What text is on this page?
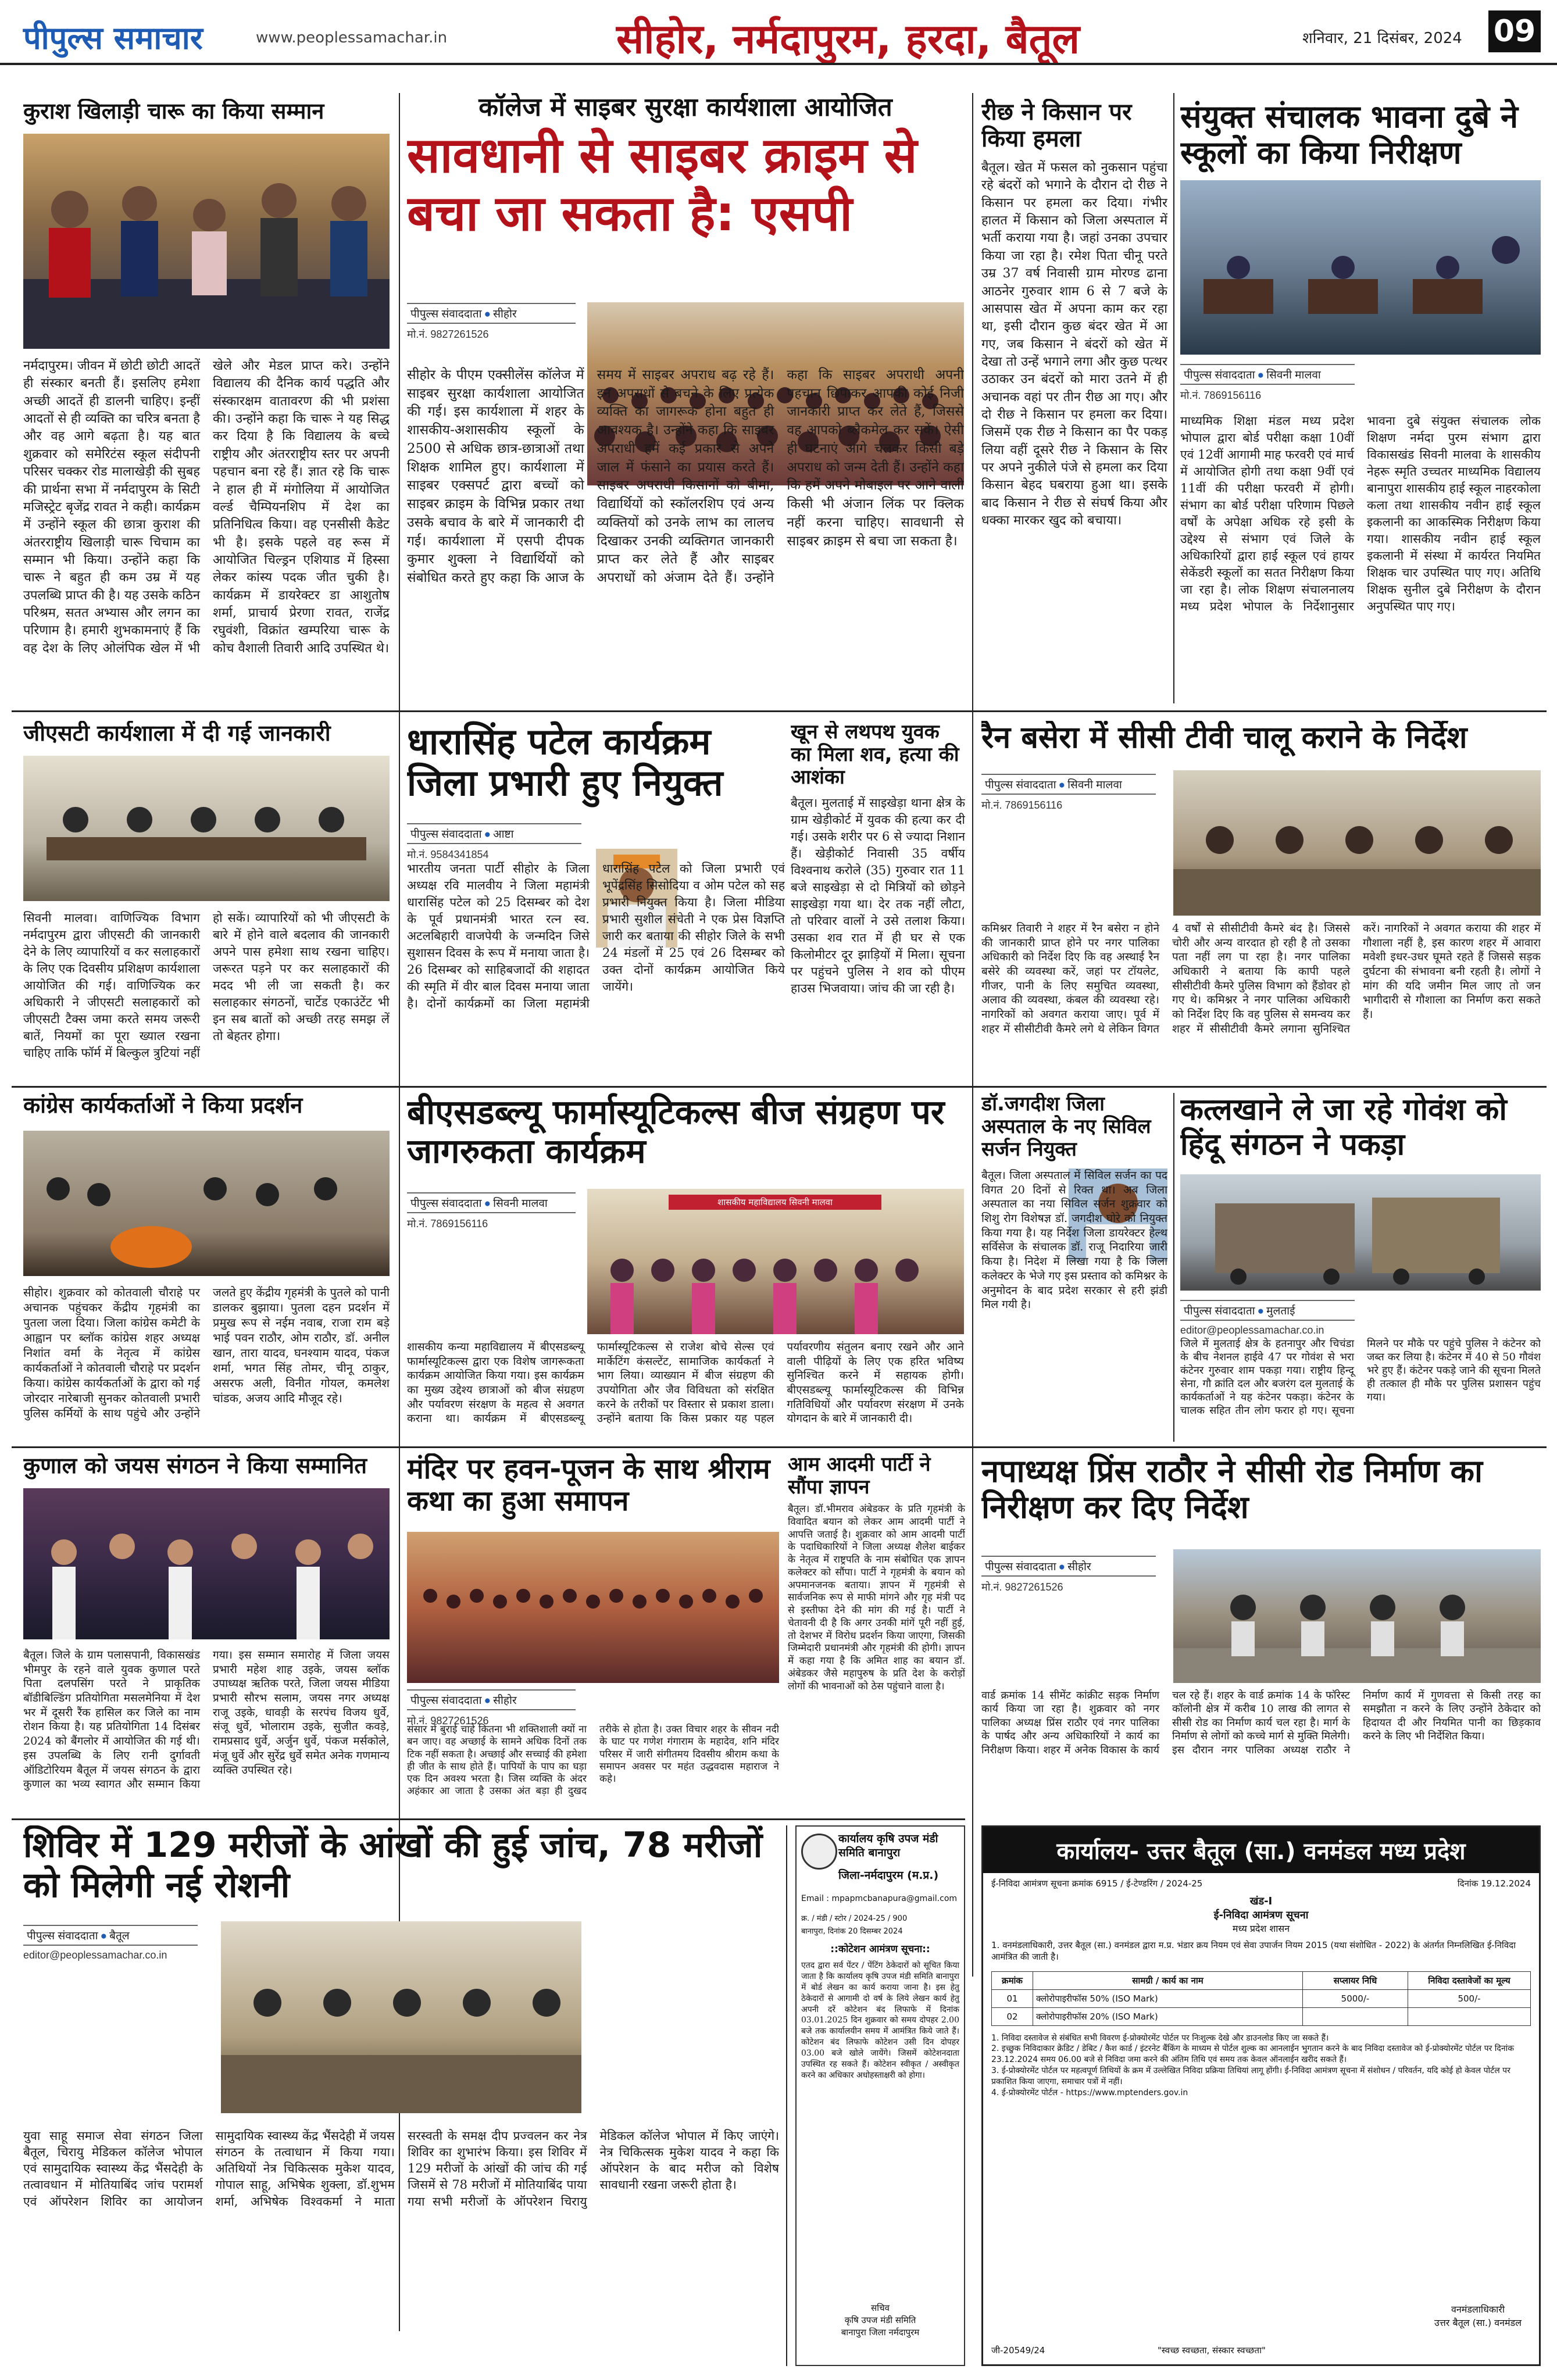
पीपुल्स समाचार	www.peoplessamachar.in	सीहोर, नर्मदापुरम, हरदा, बैतूल	शनिवार, 21 दिसंबर, 2024 09
कुराश खिलाड़ी चारू का किया सम्मान
नर्मदापुरम। जीवन में छोटी छोटी आदतें ही संस्कार बनती हैं। इसलिए हमेशा अच्छी आदतें ही डालनी चाहिए। इन्हीं आदतों से ही व्यक्ति का चरित्र बनता है और वह आगे बढ़ता है। यह बात शुक्रवार को समेरिटंस स्कूल संदीपनी परिसर चक्कर रोड मालाखेड़ी की सुबह की प्रार्थना सभा में नर्मदापुरम के सिटी मजिस्ट्रेट बृजेंद्र रावत ने कही। कार्यक्रम में उन्होंने स्कूल की छात्रा कुराश की अंतरराष्ट्रीय खिलाड़ी चारू चिचाम का सम्मान भी किया। उन्होंने कहा कि चारू ने बहुत ही कम उम्र में यह उपलब्धि प्राप्त की है। यह उसके कठिन परिश्रम, सतत अभ्यास और लगन का परिणाम है। हमारी शुभकामनाएं हैं कि वह देश के लिए ओलंपिक खेल में भी खेले और मेडल प्राप्त करे। उन्होंने विद्यालय की दैनिक कार्य पद्धति और संस्कारक्षम वातावरण की भी प्रशंसा की। उन्होंने कहा कि चारू ने यह सिद्ध कर दिया है कि विद्यालय के बच्चे राष्ट्रीय और अंतरराष्ट्रीय स्तर पर अपनी पहचान बना रहे हैं। ज्ञात रहे कि चारू ने हाल ही में मंगोलिया में आयोजित वर्ल्ड चैम्पियनशिप में देश का प्रतिनिधित्व किया। वह एनसीसी कैडेट भी है। इसके पहले वह रूस में आयोजित चिल्ड्रन एशियाड में हिस्सा लेकर कांस्य पदक जीत चुकी है। कार्यक्रम में डायरेक्टर डा आशुतोष शर्मा, प्राचार्य प्रेरणा रावत, राजेंद्र रघुवंशी, विक्रांत खम्परिया चारू के कोच वैशाली तिवारी आदि उपस्थित थे।
कॉलेज में साइबर सुरक्षा कार्यशाला आयोजित
सावधानी से साइबर क्राइम से बचा जा सकता है: एसपी
पीपुल्स संवाददाता ● सीहोर
मो.नं. 9827261526
सीहोर के पीएम एक्सीलेंस कॉलेज में साइबर सुरक्षा कार्यशाला आयोजित की गई। इस कार्यशाला में शहर के शासकीय-अशासकीय स्कूलों के 2500 से अधिक छात्र-छात्राओं तथा शिक्षक शामिल हुए। कार्यशाला में साइबर एक्सपर्ट द्वारा बच्चों को साइबर क्राइम के विभिन्न प्रकार तथा उसके बचाव के बारे में जानकारी दी गई। कार्यशाला में एसपी दीपक कुमार शुक्ला ने विद्यार्थियों को संबोधित करते हुए कहा कि आज के समय में साइबर अपराध बढ़ रहे हैं। इन अपराधों से बचने के लिए प्रत्येक व्यक्ति का जागरूक होना बहुत ही आवश्यक है। उन्होंने कहा कि साइबर अपराधी हमें कई प्रकार से अपने जाल में फंसाने का प्रयास करते हैं। साइबर अपराधी किसानों को बीमा, विद्यार्थियों को स्कॉलरशिप एवं अन्य व्यक्तियों को उनके लाभ का लालच दिखाकर उनकी व्यक्तिगत जानकारी प्राप्त कर लेते हैं और साइबर अपराधों को अंजाम देते हैं। उन्होंने कहा कि साइबर अपराधी अपनी पहचान छिपाकर आपकी कोई निजी जानकारी प्राप्त कर लेते हैं, जिससे वह आपको ब्लैकमेल कर सकें। ऐसी ही घटनाएं आगे चलकर किसी बड़े अपराध को जन्म देती हैं। उन्होंने कहा कि हमें अपने मोबाइल पर आने वाली किसी भी अंजान लिंक पर क्लिक नहीं करना चाहिए। सावधानी से साइबर क्राइम से बचा जा सकता है।
रीछ ने किसान पर किया हमला
बैतूल। खेत में फसल को नुकसान पहुंचा रहे बंदरों को भगाने के दौरान दो रीछ ने किसान पर हमला कर दिया। गंभीर हालत में किसान को जिला अस्पताल में भर्ती कराया गया है। जहां उनका उपचार किया जा रहा है। रमेश पिता चीनू परते उम्र 37 वर्ष निवासी ग्राम मोरण्ड ढाना आठनेर गुरुवार शाम 6 से 7 बजे के आसपास खेत में अपना काम कर रहा था, इसी दौरान कुछ बंदर खेत में आ गए, जब किसान ने बंदरों को खेत में देखा तो उन्हें भगाने लगा और कुछ पत्थर उठाकर उन बंदरों को मारा उतने में ही अचानक वहां पर तीन रीछ आ गए। और दो रीछ ने किसान पर हमला कर दिया। जिसमें एक रीछ ने किसान का पैर पकड़ लिया वहीं दूसरे रीछ ने किसान के सिर पर अपने नुकीले पंजे से हमला कर दिया किसान बेहद घबराया हुआ था। इसके बाद किसान ने रीछ से संघर्ष किया और धक्का मारकर खुद को बचाया।
संयुक्त संचालक भावना दुबे ने स्कूलों का किया निरीक्षण
पीपुल्स संवाददाता ● सिवनी मालवा
मो.नं. 7869156116
माध्यमिक शिक्षा मंडल मध्य प्रदेश भोपाल द्वारा बोर्ड परीक्षा कक्षा 10वीं एवं 12वीं आगामी माह फरवरी एवं मार्च में आयोजित होगी तथा कक्षा 9वीं एवं 11वीं की परीक्षा फरवरी में होगी। संभाग का बोर्ड परीक्षा परिणाम पिछले वर्षों के अपेक्षा अधिक रहे इसी के उद्देश्य से संभाग एवं जिले के अधिकारियों द्वारा हाई स्कूल एवं हायर सेकेंडरी स्कूलों का सतत निरीक्षण किया जा रहा है। लोक शिक्षण संचालनालय मध्य प्रदेश भोपाल के निर्देशानुसार भावना दुबे संयुक्त संचालक लोक शिक्षण नर्मदा पुरम संभाग द्वारा विकासखंड सिवनी मालवा के शासकीय नेहरू स्मृति उच्चतर माध्यमिक विद्यालय बानापुरा शासकीय हाई स्कूल नाहरकोला कला तथा शासकीय नवीन हाई स्कूल इकलानी का आकस्मिक निरीक्षण किया गया। शासकीय नवीन हाई स्कूल इकलानी में संस्था में कार्यरत नियमित शिक्षक चार उपस्थित पाए गए। अतिथि शिक्षक सुनील दुबे निरीक्षण के दौरान अनुपस्थित पाए गए।
जीएसटी कार्यशाला में दी गई जानकारी
सिवनी मालवा। वाणिज्यिक विभाग नर्मदापुरम द्वारा जीएसटी की जानकारी देने के लिए व्यापारियों व कर सलाहकारों के लिए एक दिवसीय प्रशिक्षण कार्यशाला आयोजित की गई। वाणिज्यिक कर अधिकारी ने जीएसटी सलाहकारों को जीएसटी टैक्स जमा करते समय जरूरी बातें, नियमों का पूरा ख्याल रखना चाहिए ताकि फॉर्म में बिल्कुल त्रुटियां नहीं हो सकें। व्यापारियों को भी जीएसटी के बारे में होने वाले बदलाव की जानकारी अपने पास हमेशा साथ रखना चाहिए। जरूरत पड़ने पर कर सलाहकारों की मदद भी ली जा सकती है। कर सलाहकार संगठनों, चार्टेड एकाउंटेंट भी इन सब बातों को अच्छी तरह समझ लें तो बेहतर होगा।
धारासिंह पटेल कार्यक्रम जिला प्रभारी हुए नियुक्त
पीपुल्स संवाददाता ● आष्टा
मो.नं. 9584341854
भारतीय जनता पार्टी सीहोर के जिला अध्यक्ष रवि मालवीय ने जिला महामंत्री धारासिंह पटेल को 25 दिसम्बर को देश के पूर्व प्रधानमंत्री भारत रत्न स्व. अटलबिहारी वाजपेयी के जन्मदिन जिसे सुशासन दिवस के रूप में मनाया जाता है। 26 दिसम्बर को साहिबजादों की शहादत की स्मृति में वीर बाल दिवस मनाया जाता है। दोनों कार्यक्रमों का जिला महामंत्री धारासिंह पटेल को जिला प्रभारी एवं भूपेंद्रसिंह सिसोदिया व ओम पटेल को सह प्रभारी नियुक्त किया है। जिला मीडिया प्रभारी सुशील संचेती ने एक प्रेस विज्ञप्ति जारी कर बताया की सीहोर जिले के सभी 24 मंडलों में 25 एवं 26 दिसम्बर को उक्त दोनों कार्यक्रम आयोजित किये जायेंगे।
खून से लथपथ युवक का मिला शव, हत्या की आशंका
बैतूल। मुलताई में साइखेड़ा थाना क्षेत्र के ग्राम खेड़ीकोर्ट में युवक की हत्या कर दी गई। उसके शरीर पर 6 से ज्यादा निशान हैं। खेड़ीकोर्ट निवासी 35 वर्षीय विश्वनाथ करोले (35) गुरुवार रात 11 बजे साइखेड़ा से दो मित्रियों को छोड़ने साइखेड़ा गया था। देर तक नहीं लौटा, तो परिवार वालों ने उसे तलाश किया। उसका शव रात में ही घर से एक किलोमीटर दूर झाड़ियों में मिला। सूचना पर पहुंचने पुलिस ने शव को पीएम हाउस भिजवाया। जांच की जा रही है।
रैन बसेरा में सीसी टीवी चालू कराने के निर्देश
पीपुल्स संवाददाता ● सिवनी मालवा
मो.नं. 7869156116
कमिश्नर तिवारी ने शहर में रैन बसेरा न होने की जानकारी प्राप्त होने पर नगर पालिका अधिकारी को निर्देश दिए कि वह अस्थाई रैन बसेरे की व्यवस्था करें, जहां पर टॉयलेट, गीजर, पानी के लिए समुचित व्यवस्था, अलाव की व्यवस्था, कंबल की व्यवस्था रहे। नागरिकों को अवगत कराया जाए। पूर्व में शहर में सीसीटीवी कैमरे लगे थे लेकिन विगत 4 वर्षों से सीसीटीवी कैमरे बंद है। जिससे चोरी और अन्य वारदात हो रही है तो उसका पता नहीं लग पा रहा है। नगर पालिका अधिकारी ने बताया कि कापी पहले सीसीटीवी कैमरे पुलिस विभाग को हैंडोवर हो गए थे। कमिश्नर ने नगर पालिका अधिकारी को निर्देश दिए कि वह पुलिस से समन्वय कर शहर में सीसीटीवी कैमरे लगाना सुनिश्चित करें। नागरिकों ने अवगत कराया की शहर में गौशाला नहीं है, इस कारण शहर में आवारा मवेशी इधर-उधर घूमते रहते हैं जिससे सड़क दुर्घटना की संभावना बनी रहती है। लोगों ने मांग की यदि जमीन मिल जाए तो जन भागीदारी से गौशाला का निर्माण करा सकते हैं।
कांग्रेस कार्यकर्ताओं ने किया प्रदर्शन
सीहोर। शुक्रवार को कोतवाली चौराहे पर अचानक पहुंचकर केंद्रीय गृहमंत्री का पुतला जला दिया। जिला कांग्रेस कमेटी के आह्वान पर ब्लॉक कांग्रेस शहर अध्यक्ष निशांत वर्मा के नेतृत्व में कांग्रेस कार्यकर्ताओं ने कोतवाली चौराहे पर प्रदर्शन किया। कांग्रेस कार्यकर्ताओं के द्वारा को गई जोरदार नारेबाजी सुनकर कोतवाली प्रभारी पुलिस कर्मियों के साथ पहुंचे और उन्होंने जलते हुए केंद्रीय गृहमंत्री के पुतले को पानी डालकर बुझाया। पुतला दहन प्रदर्शन में प्रमुख रूप से नईम नवाब, राजा राम बड़े भाई पवन राठौर, ओम राठौर, डॉ. अनील खान, तारा यादव, घनश्याम यादव, पंकज शर्मा, भगत सिंह तोमर, चीनू ठाकुर, असरफ अली, विनीत गोयल, कमलेश चांडक, अजय आदि मौजूद रहे।
बीएसडब्ल्यू फार्मास्यूटिकल्स बीज संग्रहण पर जागरुकता कार्यक्रम
पीपुल्स संवाददाता ● सिवनी मालवा
मो.नं. 7869156116
शासकीय महाविद्यालय सिवनी मालवा
शासकीय कन्या महाविद्यालय में बीएसडब्ल्यू फार्मास्यूटिकल्स द्वारा एक विशेष जागरूकता कार्यक्रम आयोजित किया गया। इस कार्यक्रम का मुख्य उद्देश्य छात्राओं को बीज संग्रहण और पर्यावरण संरक्षण के महत्व से अवगत कराना था। कार्यक्रम में बीएसडब्ल्यू फार्मास्यूटिकल्स से राजेश बोचे सेल्स एवं मार्केटिंग कंसल्टेंट, सामाजिक कार्यकर्ता ने भाग लिया। व्याख्यान में बीज संग्रहण की उपयोगिता और जैव विविधता को संरक्षित करने के तरीकों पर विस्तार से प्रकाश डाला। उन्होंने बताया कि किस प्रकार यह पहल पर्यावरणीय संतुलन बनाए रखने और आने वाली पीढ़ियों के लिए एक हरित भविष्य सुनिश्चित करने में सहायक होगी। बीएसडब्ल्यू फार्मास्यूटिकल्स की विभिन्न गतिविधियों और पर्यावरण संरक्षण में उनके योगदान के बारे में जानकारी दी।
डॉ.जगदीश जिला अस्पताल के नए सिविल सर्जन नियुक्त
बैतूल। जिला अस्पताल में सिविल सर्जन का पद विगत 20 दिनों से रिक्त था। अब जिला अस्पताल का नया सिविल सर्जन शुक्रवार को शिशु रोग विशेषज्ञ डॉ. जगदीश घोरे को नियुक्त किया गया है। यह निर्देश जिला डायरेक्टर हेल्थ सर्विसेज के संचालक डॉ. राजू निदारिया जारी किया है। निदेश में लिखा गया है कि जिला कलेक्टर के भेजे गए इस प्रस्ताव को कमिश्नर के अनुमोदन के बाद प्रदेश सरकार से हरी झंडी मिल गयी है।
कत्लखाने ले जा रहे गोवंश को हिंदू संगठन ने पकड़ा
पीपुल्स संवाददाता ● मुलताई
editor@peoplessamachar.co.in
जिले में मुलताई क्षेत्र के हतनापुर और चिचंडा के बीच नेशनल हाईवे 47 पर गोवंश से भरा कंटेनर गुरुवार शाम पकड़ा गया। राष्ट्रीय हिन्दू सेना, गौ क्रांति दल और बजरंग दल मुलताई के कार्यकर्ताओं ने यह कंटेनर पकड़ा। कंटेनर के चालक सहित तीन लोग फरार हो गए। सूचना मिलने पर मौके पर पहुंचे पुलिस ने कंटेनर को जब्त कर लिया है। कंटेनर में 40 से 50 गौवंश भरे हुए हैं। कंटेनर पकड़े जाने की सूचना मिलते ही तत्काल ही मौके पर पुलिस प्रशासन पहुंच गया।
कुणाल को जयस संगठन ने किया सम्मानित
बैतूल। जिले के ग्राम पलासपानी, विकासखंड भीमपुर के रहने वाले युवक कुणाल परते पिता दलपसिंग परते ने प्राकृतिक बॉडीबिल्डिंग प्रतियोगिता मसलमेनिया में देश भर में दूसरी रैंक हासिल कर जिले का नाम रोशन किया है। यह प्रतियोगिता 14 दिसंबर 2024 को बैंगलोर में आयोजित की गई थी। इस उपलब्धि के लिए रानी दुर्गावती ऑडिटोरियम बैतूल में जयस संगठन के द्वारा कुणाल का भव्य स्वागत और सम्मान किया गया। इस सम्मान समारोह में जिला जयस प्रभारी महेश शाह उइके, जयस ब्लॉक उपाध्यक्ष ऋतिक परते, जिला जयस मीडिया प्रभारी सौरभ सलाम, जयस नगर अध्यक्ष राजू उइके, धावड़ी के सरपंच विजय धुर्वे, संजू धुर्वे, भोलाराम उइके, सुजीत कवड़े, रामप्रसाद धुर्वे, अर्जुन धुर्वे, पंकज मर्सकोले, मंजू धुर्वे और सुरेंद्र धुर्वे समेत अनेक गणमान्य व्यक्ति उपस्थित रहे।
मंदिर पर हवन-पूजन के साथ श्रीराम कथा का हुआ समापन
पीपुल्स संवाददाता ● सीहोर
मो.नं. 9827261526
संसार में बुराई चाहे कितना भी शक्तिशाली क्यों ना बन जाए। वह अच्छाई के सामने अधिक दिनों तक टिक नहीं सकता है। अच्छाई और सच्चाई की हमेशा ही जीत के साथ होते हैं। पापियों के पाप का घड़ा एक दिन अवश्य भरता है। जिस व्यक्ति के अंदर अहंकार आ जाता है उसका अंत बड़ा ही दुखद तरीके से होता है। उक्त विचार शहर के सीवन नदी के घाट पर गणेश गंगाराम के महादेव, शनि मंदिर परिसर में जारी संगीतमय दिवसीय श्रीराम कथा के समापन अवसर पर महंत उद्धवदास महाराज ने कहे।
आम आदमी पार्टी ने सौंपा ज्ञापन
बैतूल। डॉ.भीमराव अंबेडकर के प्रति गृहमंत्री के विवादित बयान को लेकर आम आदमी पार्टी ने आपत्ति जताई है। शुक्रवार को आम आदमी पार्टी के पदाधिकारियों ने जिला अध्यक्ष शैलेश बाईकर के नेतृत्व में राष्ट्रपति के नाम संबोधित एक ज्ञापन कलेक्टर को सौंपा। पार्टी ने गृहमंत्री के बयान को अपमानजनक बताया। ज्ञापन में गृहमंत्री से सार्वजनिक रूप से माफी मांगने और गृह मंत्री पद से इस्तीफा देने की मांग की गई है। पार्टी ने चेतावनी दी है कि अगर उनकी मांगें पूरी नहीं हुई, तो देशभर में विरोध प्रदर्शन किया जाएगा, जिसकी जिम्मेदारी प्रधानमंत्री और गृहमंत्री की होगी। ज्ञापन में कहा गया है कि अमित शाह का बयान डॉ. अंबेडकर जैसे महापुरुष के प्रति देश के करोड़ों लोगों की भावनाओं को ठेस पहुंचाने वाला है।
नपाध्यक्ष प्रिंस राठौर ने सीसी रोड निर्माण का निरीक्षण कर दिए निर्देश
पीपुल्स संवाददाता ● सीहोर
मो.नं. 9827261526
वार्ड क्रमांक 14 सीमेंट कांक्रीट सड़क निर्माण कार्य किया जा रहा है। शुक्रवार को नगर पालिका अध्यक्ष प्रिंस राठौर एवं नगर पालिका के पार्षद और अन्य अधिकारियों ने कार्य का निरीक्षण किया। शहर में अनेक विकास के कार्य चल रहे हैं। शहर के वार्ड क्रमांक 14 के फॉरेस्ट कॉलोनी क्षेत्र में करीब 10 लाख की लागत से सीसी रोड का निर्माण कार्य चल रहा है। मार्ग के निर्माण से लोगों को कच्चे मार्ग से मुक्ति मिलेगी। इस दौरान नगर पालिका अध्यक्ष राठौर ने निर्माण कार्य में गुणवत्ता से किसी तरह का समझौता न करने के लिए उन्होंने ठेकेदार को हिदायत दी और नियमित पानी का छिड़काव करने के लिए भी निर्देशित किया।
शिविर में 129 मरीजों के आंखों की हुई जांच, 78 मरीजों को मिलेगी नई रोशनी
पीपुल्स संवाददाता ● बैतूल
editor@peoplessamachar.co.in
युवा साहू समाज सेवा संगठन जिला बैतूल, चिरायु मेडिकल कॉलेज भोपाल एवं सामुदायिक स्वास्थ्य केंद्र भैंसदेही के तत्वावधान में मोतियाबिंद जांच परामर्श एवं ऑपरेशन शिविर का आयोजन सामुदायिक स्वास्थ्य केंद्र भैंसदेही में जयस संगठन के तत्वाधान में किया गया। अतिथियों नेत्र चिकित्सक मुकेश यादव, गोपाल साहू, अभिषेक शुक्ला, डॉ.शुभम शर्मा, अभिषेक विश्वकर्मा ने माता सरस्वती के समक्ष दीप प्रज्वलन कर नेत्र शिविर का शुभारंभ किया। इस शिविर में 129 मरीजों के आंखों की जांच की गई जिसमें से 78 मरीजों में मोतियाबिंद पाया गया सभी मरीजों के ऑपरेशन चिरायु मेडिकल कॉलेज भोपाल में किए जाएंगे। नेत्र चिकित्सक मुकेश यादव ने कहा कि ऑपरेशन के बाद मरीज को विशेष सावधानी रखना जरूरी होता है।
कार्यालय कृषि उपज मंडी समिति बानापुरा
जिला-नर्मदापुरम (म.प्र.)
Email : mpapmcbanapura@gmail.com
क्र. / मंडी / स्टोर / 2024-25 / 900
बानापुरा, दिनांक 20 दिसम्बर 2024
::कोटेशन आमंत्रण सूचना::
एतद द्वारा सर्व पेंटर / पेंटिंग ठेकेदारों को सूचित किया जाता है कि कार्यालय कृषि उपज मंडी समिति बानापुरा में बोर्ड लेखन का कार्य कराया जाना है। इस हेतु ठेकेदारों से आगामी दो वर्ष के लिये लेखन कार्य हेतु अपनी दरें कोटेशन बंद लिफाफे में दिनांक 03.01.2025 दिन शुक्रवार को समय दोपहर 2.00 बजे तक कार्यालयीन समय में आमंत्रित किये जाते हैं। कोटेशन बंद लिफाफे कोटेशन उसी दिन दोपहर 03.00 बजे खोले जायेंगे। जिसमें कोटेशनदाता उपस्थित रह सकते हैं। कोटेशन स्वीकृत / अस्वीकृत करने का अधिकार अधोहस्ताक्षरी को होगा।
सचिव
कृषि उपज मंडी समिति
बानापुरा जिला नर्मदापुरम
कार्यालय- उत्तर बैतूल (सा.) वनमंडल मध्य प्रदेश
ई-निविदा आमंत्रण सूचना क्रमांक 6915 / ई-टेण्डरिंग / 2024-25	दिनांक 19.12.2024
खंड-I
ई-निविदा आमंत्रण सूचना
मध्य प्रदेश शासन
1. वनमंडलाधिकारी, उत्तर बैतूल (सा.) वनमंडल द्वारा म.प्र. भंडार क्रय नियम एवं सेवा उपार्जन नियम 2015 (यथा संशोधित - 2022) के अंतर्गत निम्नलिखित ई-निविदा आमंत्रित की जाती है।
क्रमांक	सामग्री / कार्य का नाम	सप्लायर निधि	निविदा दस्तावेजों का मूल्य
01	क्लोरोपाइरीफॉस 50% (ISO Mark)	5000/-	500/-
02	क्लोरोपाइरीफॉस 20% (ISO Mark)		
1. निविदा दस्तावेज से संबंधित सभी विवरण ई-प्रोक्योरमेंट पोर्टल पर निःशुल्क देखे और डाउनलोड किए जा सकते हैं।
2. इच्छुक निविदाकार क्रेडिट / डेबिट / कैश कार्ड / इंटरनेट बैंकिंग के माध्यम से पोर्टल शुल्क का आनलाईन भुगतान करने के बाद निविदा दस्तावेज को ई-प्रोक्योरमेंट पोर्टल पर दिनांक 23.12.2024 समय 06.00 बजे से निविदा जमा करने की अंतिम तिथि एवं समय तक केवल ऑनलाईन खरीद सकते हैं।
3. ई-प्रोक्योरमेंट पोर्टल पर महत्वपूर्ण तिथियों के क्रम में उल्लेखित निविदा प्रक्रिया तिथियां लागू होंगी। ई-निविदा आमंत्रण सूचना में संशोधन / परिवर्तन, यदि कोई हो केवल पोर्टल पर प्रकाशित किया जाएगा, समाचार पत्रों में नहीं।
4. ई-प्रोक्योरमेंट पोर्टल - https://www.mptenders.gov.in
वनमंडलाधिकारी
उत्तर बैतूल (सा.) वनमंडल
जी-20549/24	"स्वच्छ स्वच्छता, संस्कार स्वच्छता"
